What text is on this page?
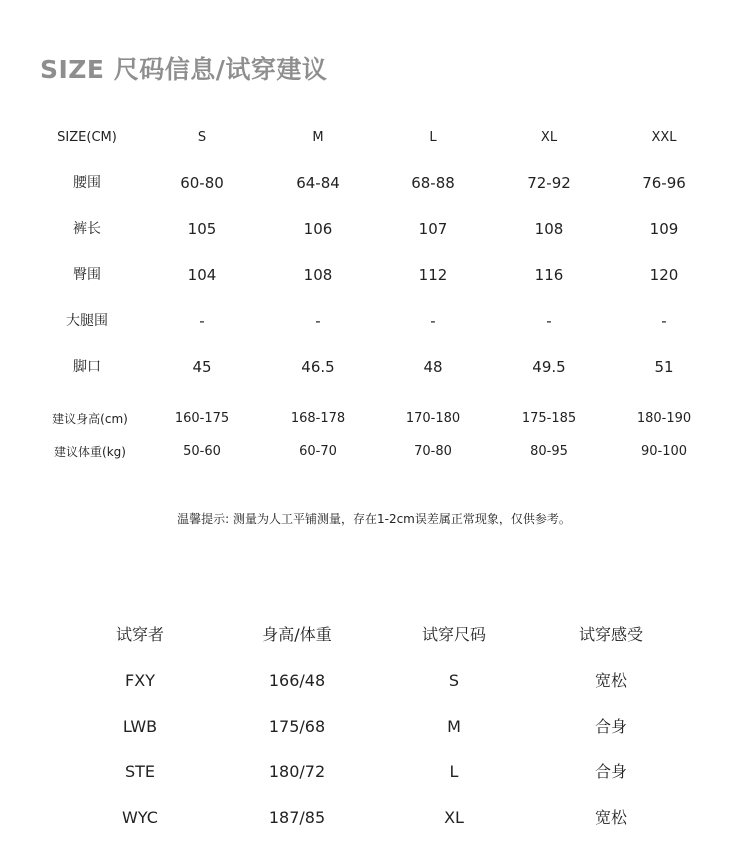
SIZE 尺码信息/试穿建议
SIZE(CM)	S	M	L	XL	XXL
腰围	60-80	64-84	68-88	72-92	76-96
裤长	105	106	107	108	109
臀围	104	108	112	116	120
大腿围	-	-	-	-	-
脚口	45	46.5	48	49.5	51
建议身高(cm)	160-175	168-178	170-180	175-185	180-190
建议体重(kg)	50-60	60-70	70-80	80-95	90-100
温馨提示: 测量为人工平铺测量，存在1-2cm误差属正常现象，仅供参考。
试穿者	身高/体重	试穿尺码	试穿感受
FXY	166/48	S	宽松
LWB	175/68	M	合身
STE	180/72	L	合身
WYC	187/85	XL	宽松
